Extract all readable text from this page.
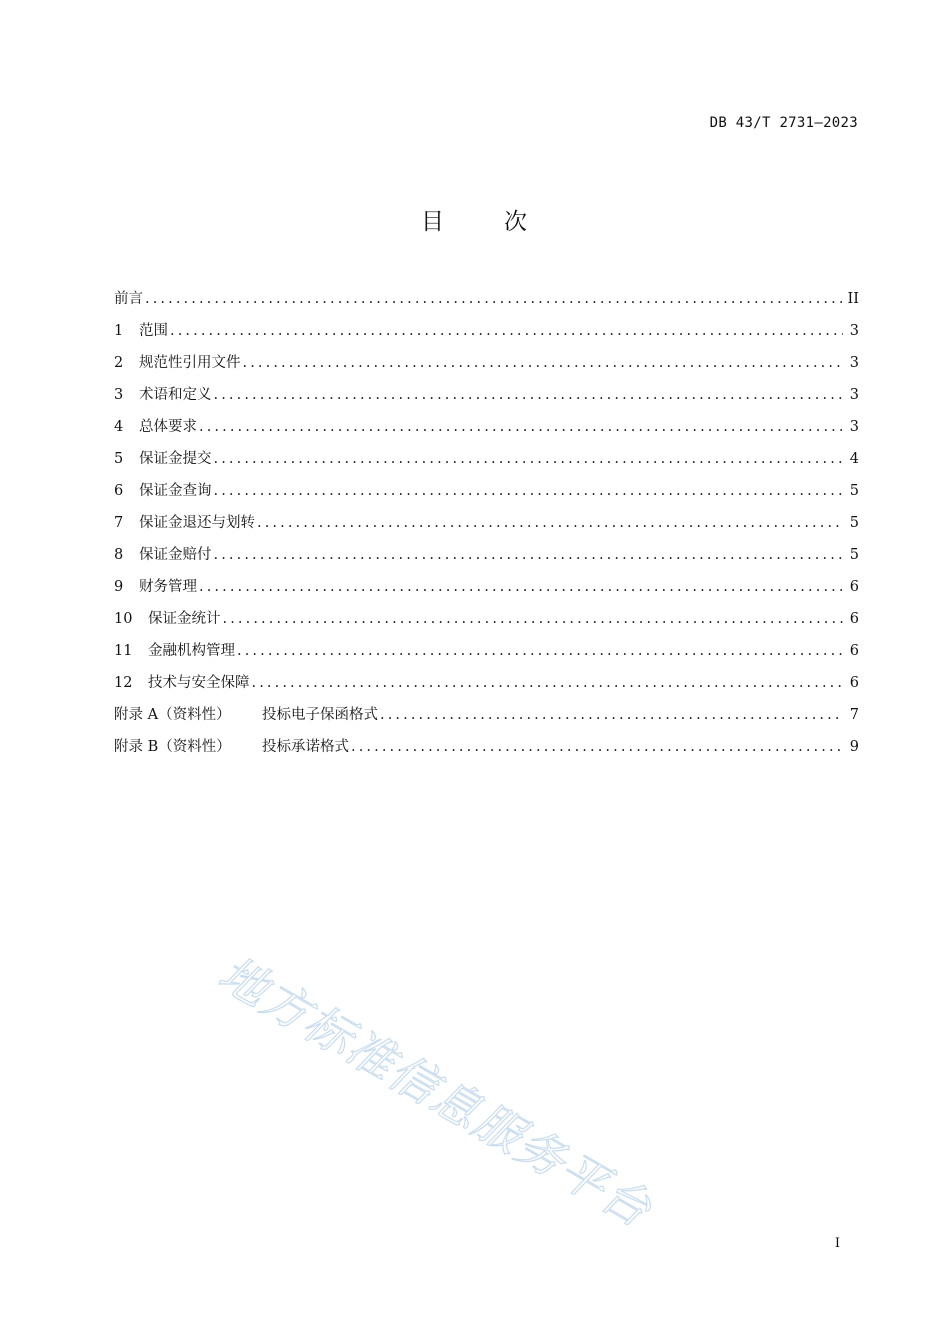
DB 43/T 2731—2023
目	次
前言 .....	II
1	范围 .....	3
2	规范性引用文件 .....	3
3	术语和定义 .....	3
4	总体要求 .....	3
5	保证金提交 .....	4
6	保证金查询 .....	5
7	保证金退还与划转 .....	5
8	保证金赔付 .....	5
9	财务管理 .....	6
10	保证金统计 .....	6
11	金融机构管理 .....	6
12	技术与安全保障 .....	6
附录 A（资料性）	投标电子保函格式 .....	7
附录 B（资料性）	投标承诺格式 .....	9
地方标准信息服务平台
I
